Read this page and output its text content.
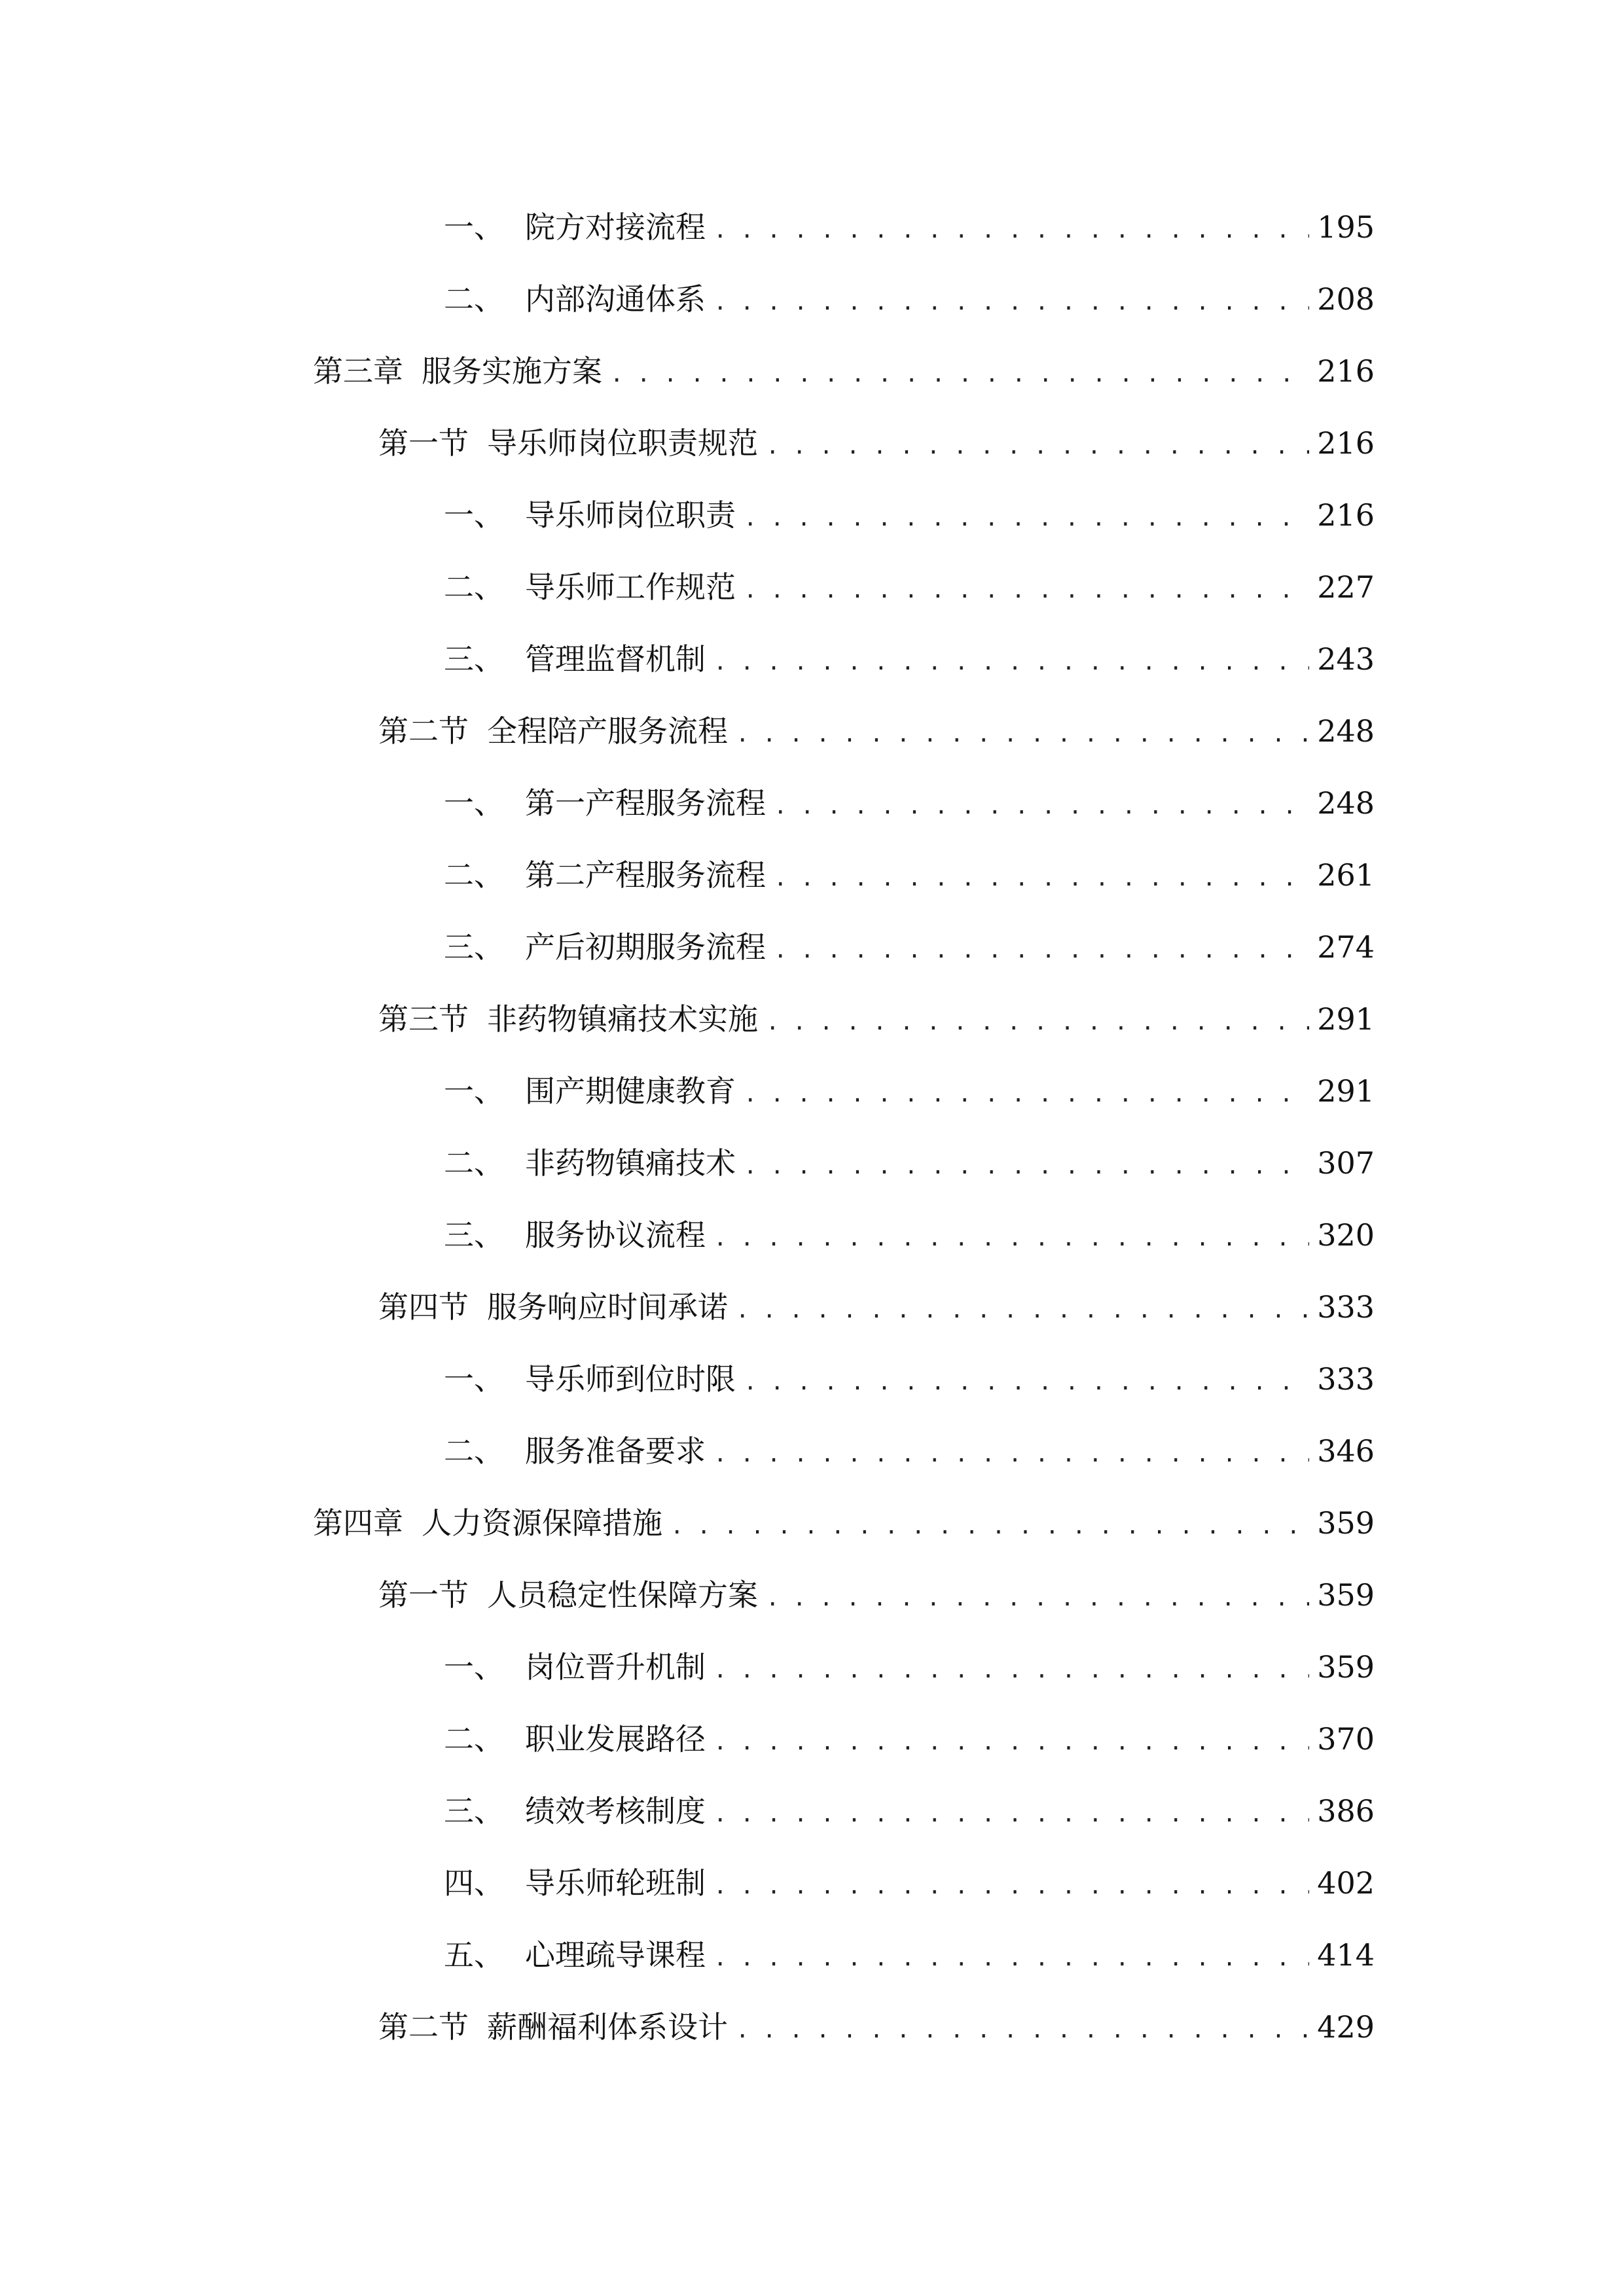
一、 院方对接流程 . . .	195
二、 内部沟通体系 . . .	208
第三章 服务实施方案 . . .	216
第一节 导乐师岗位职责规范 . . .	216
一、 导乐师岗位职责 . . .	216
二、 导乐师工作规范 . . .	227
三、 管理监督机制 . . .	243
第二节 全程陪产服务流程 . . .	248
一、 第一产程服务流程 . . .	248
二、 第二产程服务流程 . . .	261
三、 产后初期服务流程 . . .	274
第三节 非药物镇痛技术实施 . . .	291
一、 围产期健康教育 . . .	291
二、 非药物镇痛技术 . . .	307
三、 服务协议流程 . . .	320
第四节 服务响应时间承诺 . . .	333
一、 导乐师到位时限 . . .	333
二、 服务准备要求 . . .	346
第四章 人力资源保障措施 . . .	359
第一节 人员稳定性保障方案 . . .	359
一、 岗位晋升机制 . . .	359
二、 职业发展路径 . . .	370
三、 绩效考核制度 . . .	386
四、 导乐师轮班制 . . .	402
五、 心理疏导课程 . . .	414
第二节 薪酬福利体系设计 . . .	429
